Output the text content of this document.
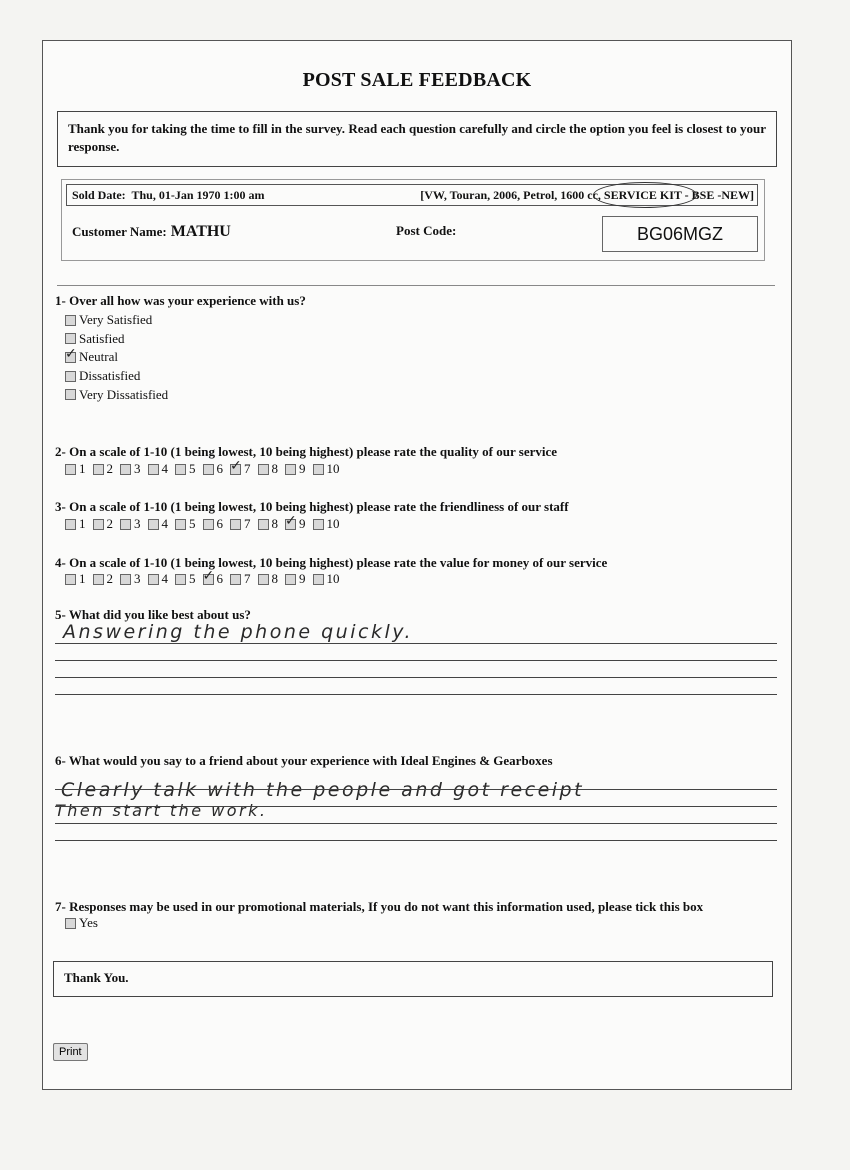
POST SALE FEEDBACK
Thank you for taking the time to fill in the survey. Read each question carefully and circle the option you feel is closest to your response.
Sold Date: Thu, 01-Jan 1970 1:00 am	[VW, Touran, 2006, Petrol, 1600 cc, SERVICE KIT - BSE -NEW]
Customer Name: MATHU	Post Code:	BG06MGZ
1- Over all how was your experience with us?
Very Satisfied
Satisfied
✓ Neutral
Dissatisfied
Very Dissatisfied
2- On a scale of 1-10 (1 being lowest, 10 being highest) please rate the quality of our service
1 2 3 4 5 6 ✓ 7 8 9 10
3- On a scale of 1-10 (1 being lowest, 10 being highest) please rate the friendliness of our staff
1 2 3 4 5 6 7 8 ✓ 9 10
4- On a scale of 1-10 (1 being lowest, 10 being highest) please rate the value for money of our service
1 2 3 4 5 ✓ 6 7 8 9 10
5- What did you like best about us?
Answering the phone quickly.
6- What would you say to a friend about your experience with Ideal Engines & Gearboxes
Clearly talk with the people and got receipt
Then start the work.
7- Responses may be used in our promotional materials, If you do not want this information used, please tick this box
Yes
Thank You.
Print
